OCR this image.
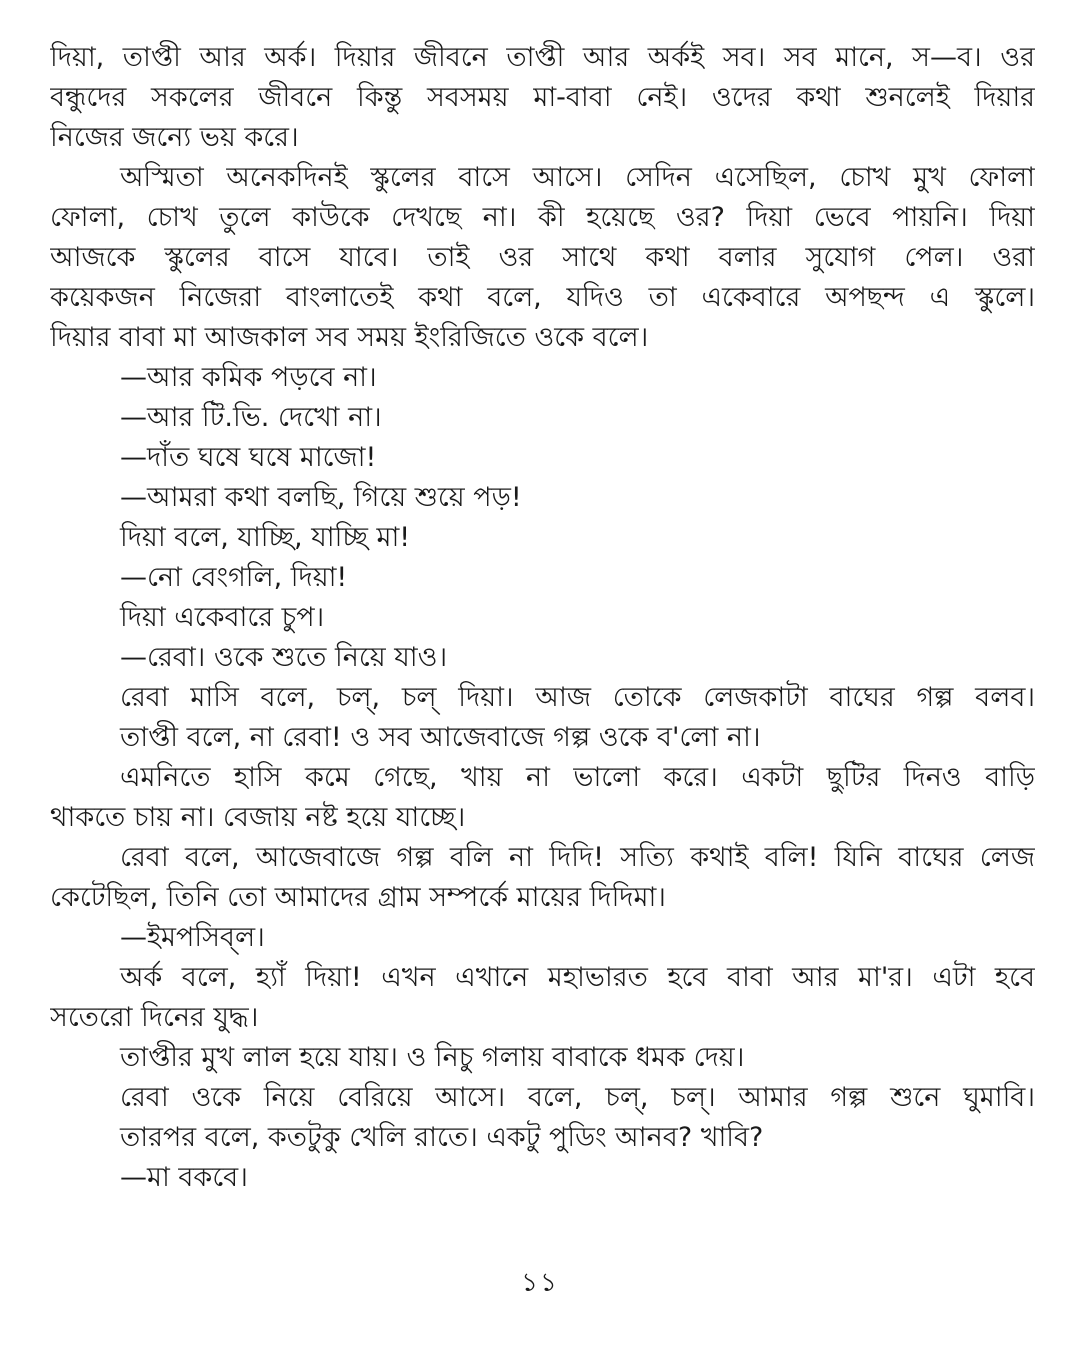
দিয়া, তাপ্তী আর অর্ক। দিয়ার জীবনে তাপ্তী আর অর্কই সব। সব মানে, স—ব। ওর
বন্ধুদের সকলের জীবনে কিন্তু সবসময় মা-বাবা নেই। ওদের কথা শুনলেই দিয়ার
নিজের জন্যে ভয় করে।
অস্মিতা অনেকদিনই স্কুলের বাসে আসে। সেদিন এসেছিল, চোখ মুখ ফোলা
ফোলা, চোখ তুলে কাউকে দেখছে না। কী হয়েছে ওর? দিয়া ভেবে পায়নি। দিয়া
আজকে স্কুলের বাসে যাবে। তাই ওর সাথে কথা বলার সুযোগ পেল। ওরা
কয়েকজন নিজেরা বাংলাতেই কথা বলে, যদিও তা একেবারে অপছন্দ এ স্কুলে।
দিয়ার বাবা মা আজকাল সব সময় ইংরিজিতে ওকে বলে।
—আর কমিক পড়বে না।
—আর টি.ভি. দেখো না।
—দাঁত ঘষে ঘষে মাজো!
—আমরা কথা বলছি, গিয়ে শুয়ে পড়!
দিয়া বলে, যাচ্ছি, যাচ্ছি মা!
—নো বেংগলি, দিয়া!
দিয়া একেবারে চুপ।
—রেবা। ওকে শুতে নিয়ে যাও।
রেবা মাসি বলে, চল্, চল্ দিয়া। আজ তোকে লেজকাটা বাঘের গল্প বলব।
তাপ্তী বলে, না রেবা! ও সব আজেবাজে গল্প ওকে ব'লো না।
এমনিতে হাসি কমে গেছে, খায় না ভালো করে। একটা ছুটির দিনও বাড়ি
থাকতে চায় না। বেজায় নষ্ট হয়ে যাচ্ছে।
রেবা বলে, আজেবাজে গল্প বলি না দিদি! সত্যি কথাই বলি! যিনি বাঘের লেজ
কেটেছিল, তিনি তো আমাদের গ্রাম সম্পর্কে মায়ের দিদিমা।
—ইমপসিব্‌ল।
অর্ক বলে, হ্যাঁ দিয়া! এখন এখানে মহাভারত হবে বাবা আর মা'র। এটা হবে
সতেরো দিনের যুদ্ধ।
তাপ্তীর মুখ লাল হয়ে যায়। ও নিচু গলায় বাবাকে ধমক দেয়।
রেবা ওকে নিয়ে বেরিয়ে আসে। বলে, চল্, চল্। আমার গল্প শুনে ঘুমাবি।
তারপর বলে, কতটুকু খেলি রাতে। একটু পুডিং আনব? খাবি?
—মা বকবে।
১১
